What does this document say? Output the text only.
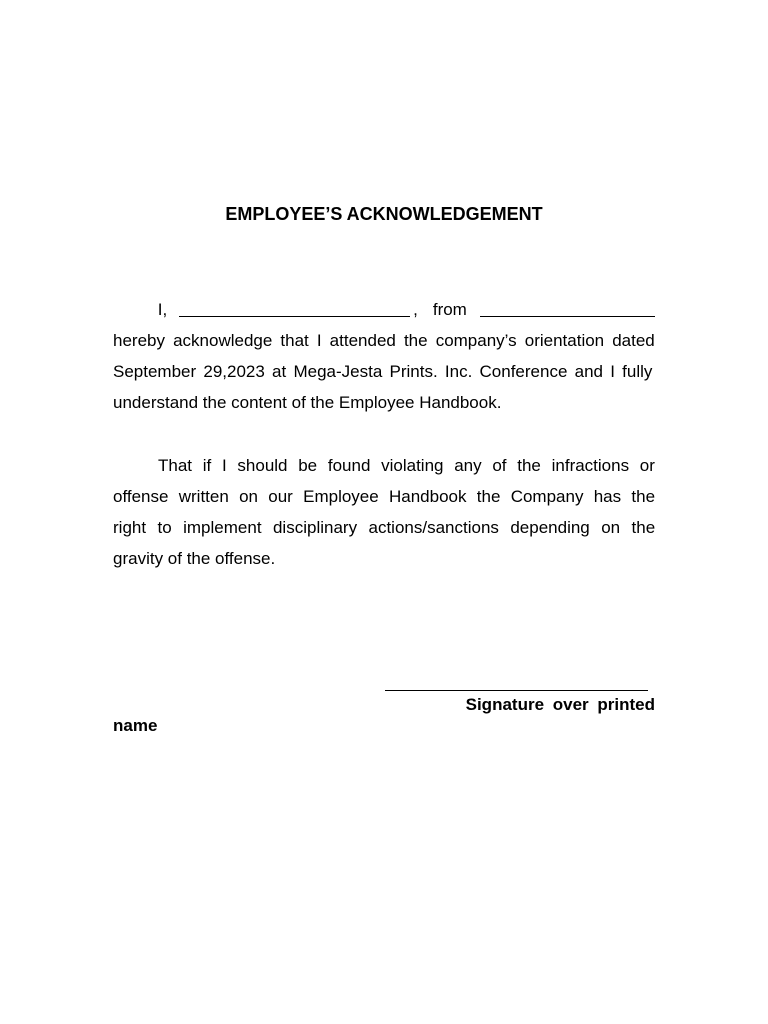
EMPLOYEE’S ACKNOWLEDGEMENT
I,	, from
hereby acknowledge that I attended the company’s orientation dated
September 29,2023 at Mega-Jesta Prints. Inc. Conference and I fully
understand the content of the Employee Handbook.
That if I should be found violating any of the infractions or
offense written on our Employee Handbook the Company has the
right to implement disciplinary actions/sanctions depending on the
gravity of the offense.
Signature over printed
name
